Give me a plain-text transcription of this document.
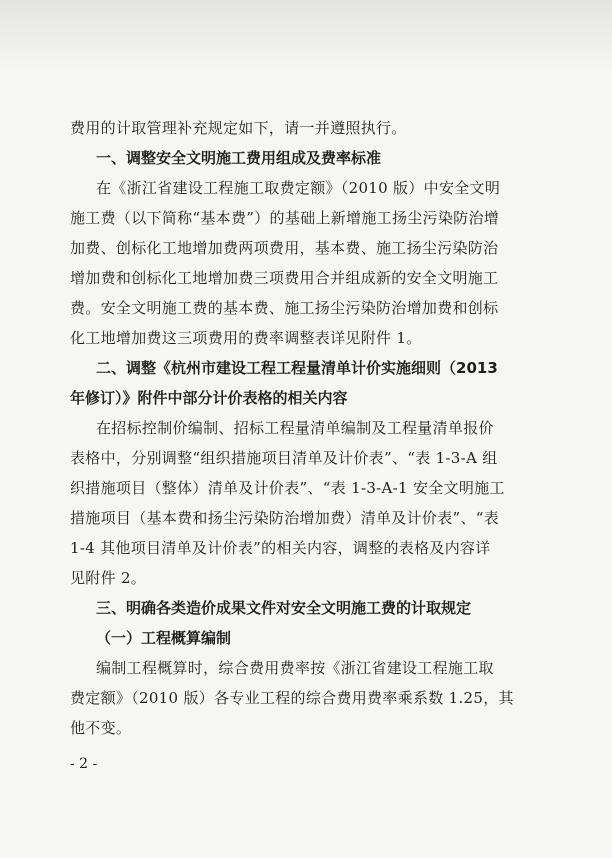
费用的计取管理补充规定如下，请一并遵照执行。
一、调整安全文明施工费用组成及费率标准
在《浙江省建设工程施工取费定额》（2010 版）中安全文明
施工费（以下简称“基本费”）的基础上新增施工扬尘污染防治增
加费、创标化工地增加费两项费用，基本费、施工扬尘污染防治
增加费和创标化工地增加费三项费用合并组成新的安全文明施工
费。安全文明施工费的基本费、施工扬尘污染防治增加费和创标
化工地增加费这三项费用的费率调整表详见附件 1。
二、调整《杭州市建设工程工程量清单计价实施细则（2013
年修订）》附件中部分计价表格的相关内容
在招标控制价编制、招标工程量清单编制及工程量清单报价
表格中，分别调整“组织措施项目清单及计价表”、“表 1-3-A 组
织措施项目（整体）清单及计价表”、“表 1-3-A-1 安全文明施工
措施项目（基本费和扬尘污染防治增加费）清单及计价表”、“表
1-4 其他项目清单及计价表”的相关内容，调整的表格及内容详
见附件 2。
三、明确各类造价成果文件对安全文明施工费的计取规定
（一）工程概算编制
编制工程概算时，综合费用费率按《浙江省建设工程施工取
费定额》（2010 版）各专业工程的综合费用费率乘系数 1.25，其
他不变。
- 2 -
